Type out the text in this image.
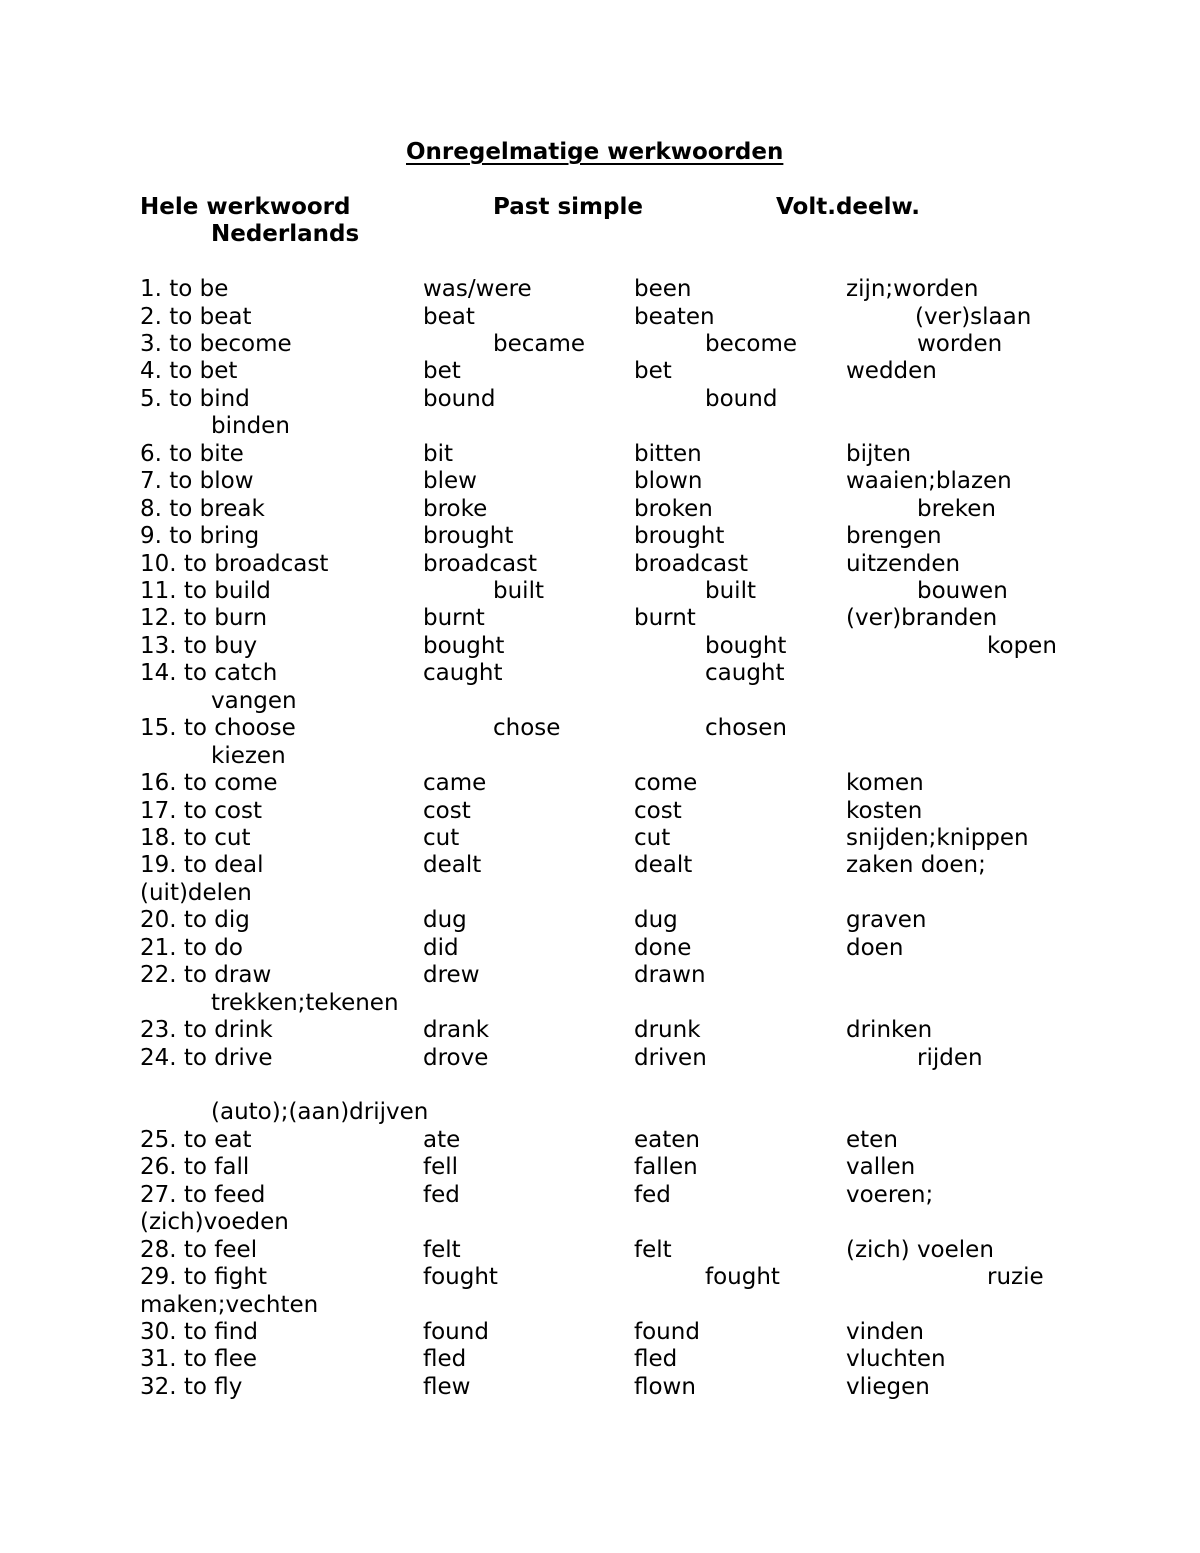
Onregelmatige werkwoorden
Hele werkwoord	Past simple	Volt.deelw.
Nederlands
1. to be	was/were	been	zijn;worden
2. to beat	beat	beaten	(ver)slaan
3. to become	became	become	worden
4. to bet	bet	bet	wedden
5. to bind	bound	bound
binden
6. to bite	bit	bitten	bijten
7. to blow	blew	blown	waaien;blazen
8. to break	broke	broken	breken
9. to bring	brought	brought	brengen
10. to broadcast	broadcast	broadcast	uitzenden
11. to build	built	built	bouwen
12. to burn	burnt	burnt	(ver)branden
13. to buy	bought	bought	kopen
14. to catch	caught	caught
vangen
15. to choose	chose	chosen
kiezen
16. to come	came	come	komen
17. to cost	cost	cost	kosten
18. to cut	cut	cut	snijden;knippen
19. to deal	dealt	dealt	zaken doen;
(uit)delen
20. to dig	dug	dug	graven
21. to do	did	done	doen
22. to draw	drew	drawn
trekken;tekenen
23. to drink	drank	drunk	drinken
24. to drive	drove	driven	rijden
(auto);(aan)drijven
25. to eat	ate	eaten	eten
26. to fall	fell	fallen	vallen
27. to feed	fed	fed	voeren;
(zich)voeden
28. to feel	felt	felt	(zich) voelen
29. to fight	fought	fought	ruzie
maken;vechten
30. to find	found	found	vinden
31. to flee	fled	fled	vluchten
32. to fly	flew	flown	vliegen
